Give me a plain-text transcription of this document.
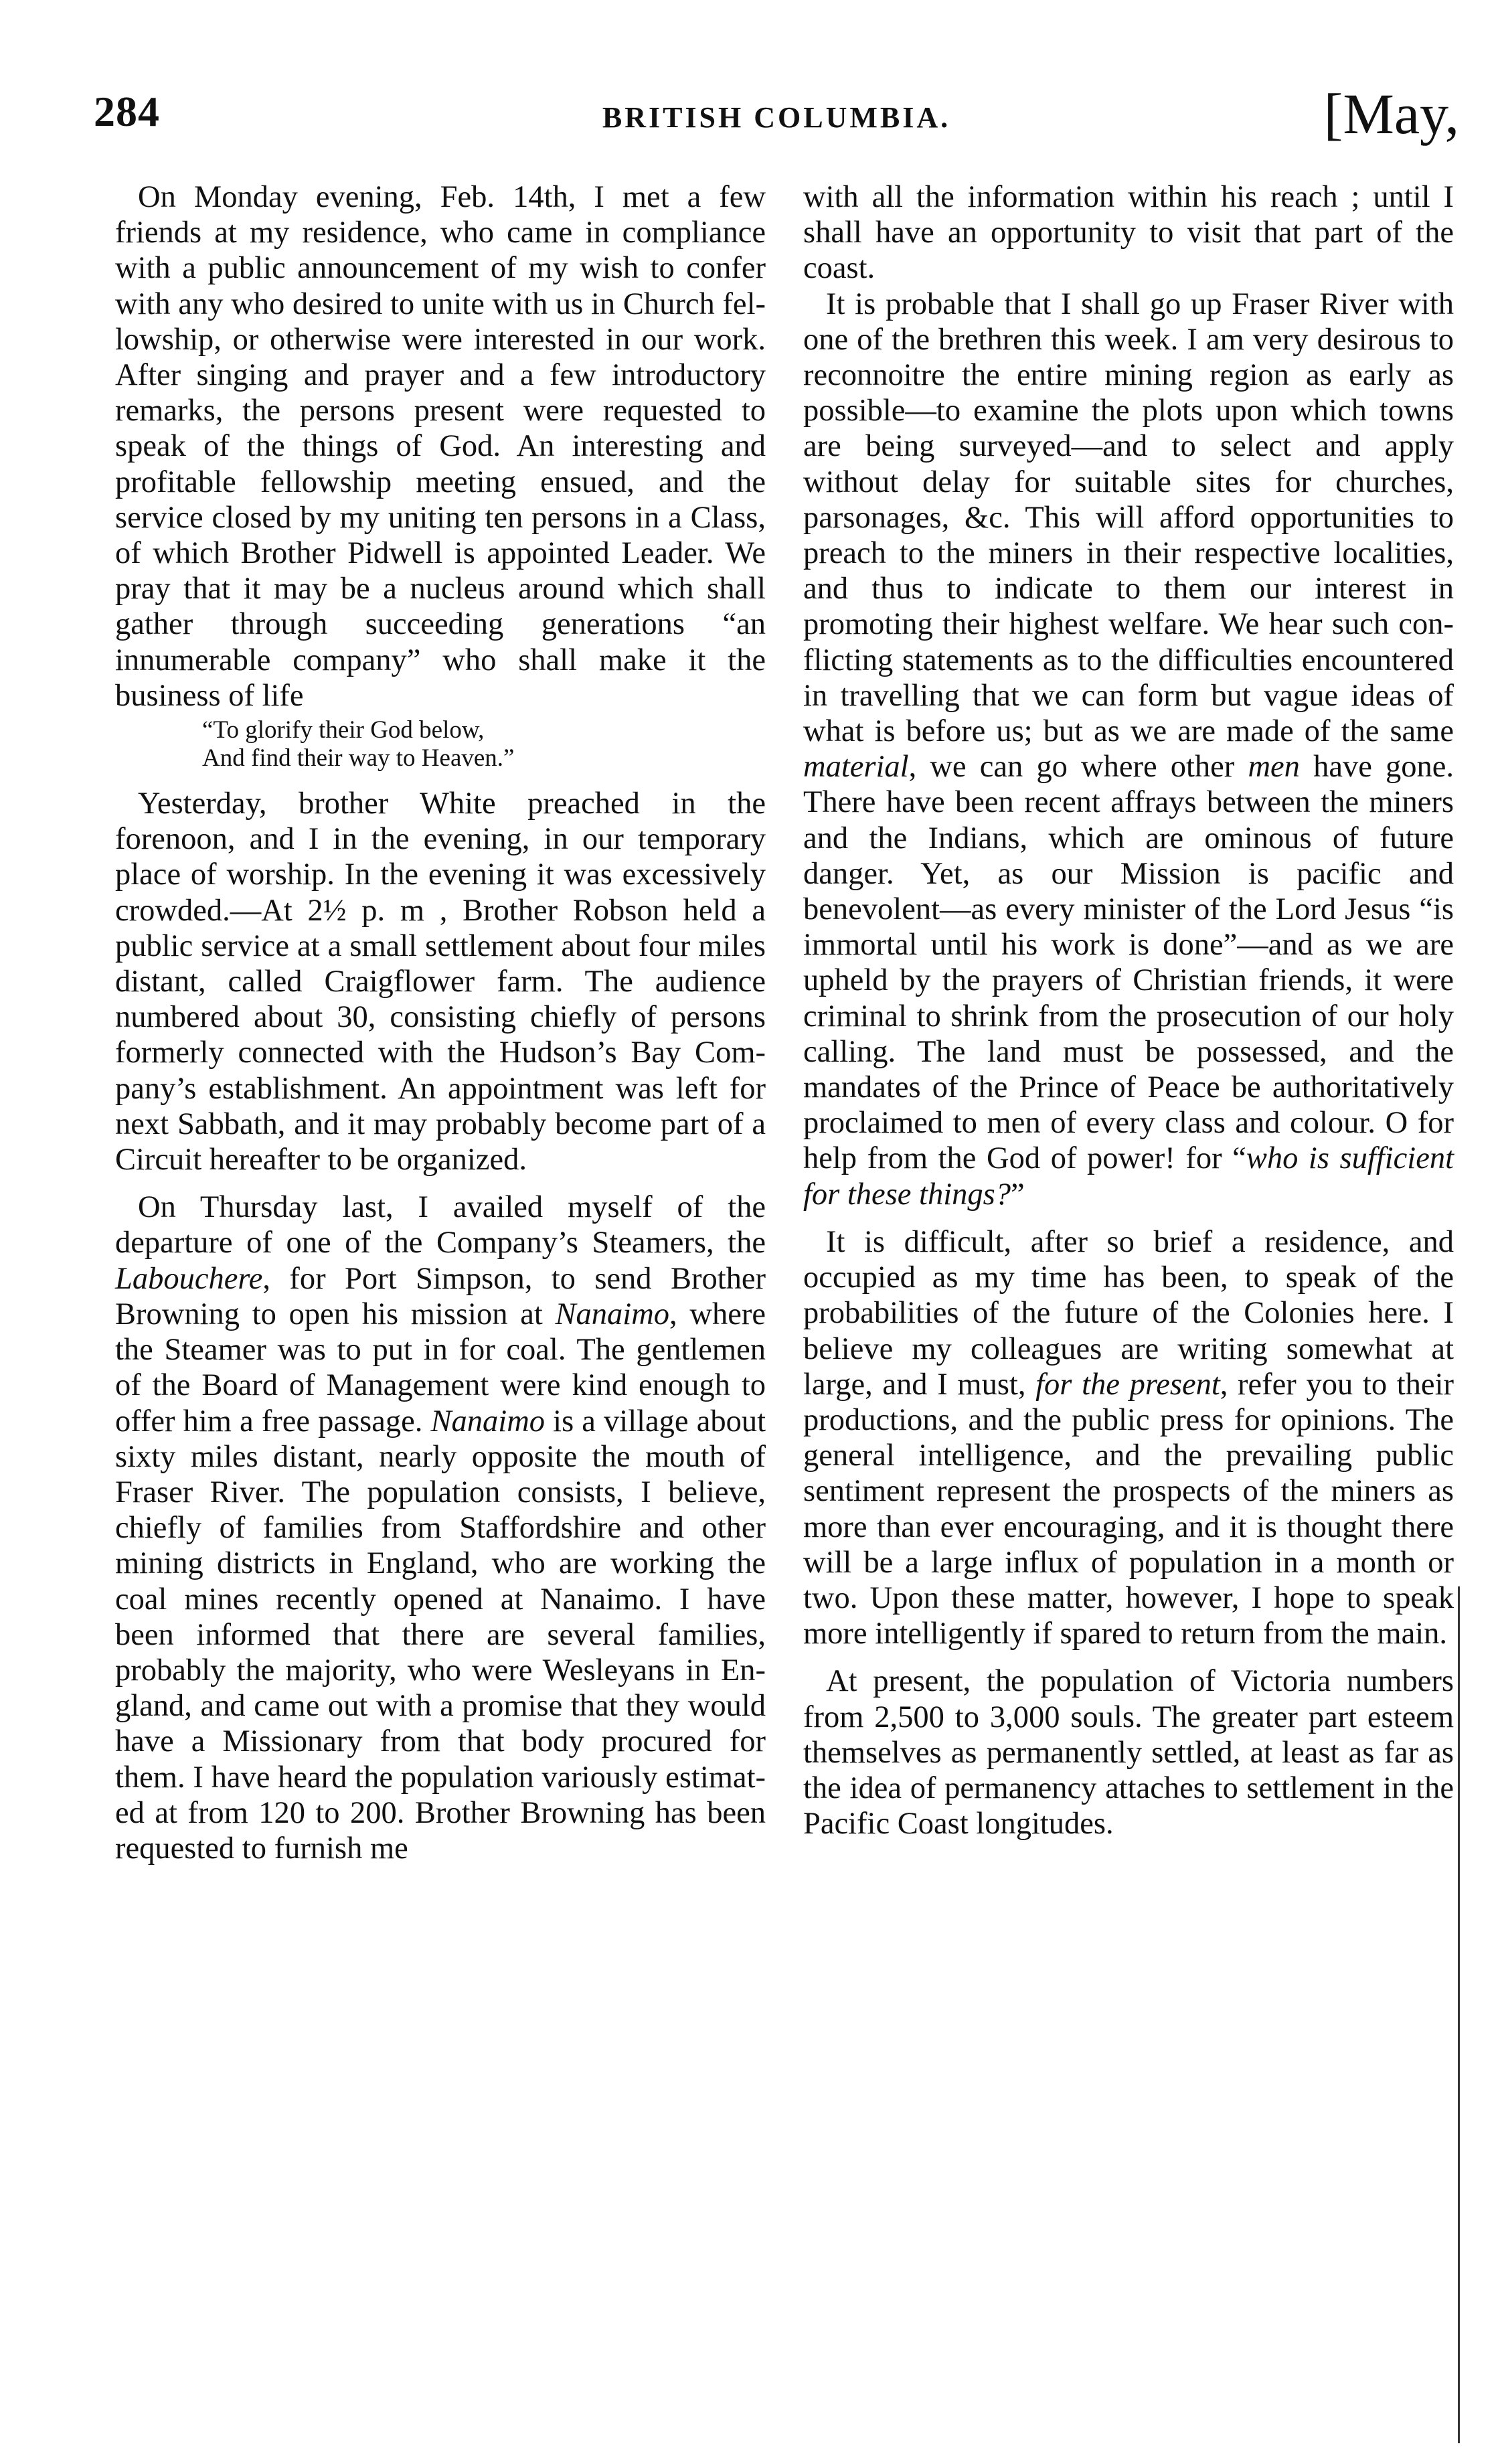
284	BRITISH COLUMBIA.	[May,

On Monday evening, Feb. 14th, I met a few friends at my residence, who came in compliance with a public announcement of my wish to confer with any who desired to unite with us in Church fellowship, or otherwise were interested in our work. After singing and prayer and a few introductory remarks, the persons present were requested to speak of the things of God. An interesting and profitable fellowship meeting ensued, and the service closed by my uniting ten persons in a Class, of which Brother Pidwell is appointed Leader. We pray that it may be a nucleus around which shall gather through succeeding generations “an innumerable company” who shall make it the business of life

“To glorify their God below,
And find their way to Heaven.”

Yesterday, brother White preached in the forenoon, and I in the evening, in our temporary place of worship. In the evening it was excessively crowded.—At 2½ p. m , Brother Robson held a public service at a small settlement about four miles distant, called Craigflower farm. The audience numbered about 30, consisting chiefly of persons formerly connected with the Hudson’s Bay Company’s establishment. An appointment was left for next Sabbath, and it may probably become part of a Circuit hereafter to be organized.

On Thursday last, I availed myself of the departure of one of the Company’s Steamers, the Labouchere, for Port Simpson, to send Brother Browning to open his mission at Nanaimo, where the Steamer was to put in for coal. The gentlemen of the Board of Management were kind enough to offer him a free passage. Nanaimo is a village about sixty miles distant, nearly opposite the mouth of Fraser River. The population consists, I believe, chiefly of families from Staffordshire and other mining districts in England, who are working the coal mines recently opened at Nanaimo. I have been informed that there are several families, probably the majority, who were Wesleyans in England, and came out with a promise that they would have a Missionary from that body procured for them. I have heard the population variously estimated at from 120 to 200. Brother Browning has been requested to furnish me

with all the information within his reach ; until I shall have an opportunity to visit that part of the coast.

It is probable that I shall go up Fraser River with one of the brethren this week. I am very desirous to reconnoitre the entire mining region as early as possible—to examine the plots upon which towns are being surveyed—and to select and apply without delay for suitable sites for churches, parsonages, &c. This will afford opportunities to preach to the miners in their respective localities, and thus to indicate to them our interest in promoting their highest welfare. We hear such conflicting statements as to the difficulties encountered in travelling that we can form but vague ideas of what is before us; but as we are made of the same material, we can go where other men have gone. There have been recent affrays between the miners and the Indians, which are ominous of future danger. Yet, as our Mission is pacific and benevolent—as every minister of the Lord Jesus “is immortal until his work is done”—and as we are upheld by the prayers of Christian friends, it were criminal to shrink from the prosecution of our holy calling. The land must be possessed, and the mandates of the Prince of Peace be authoritatively proclaimed to men of every class and colour. O for help from the God of power! for “who is sufficient for these things?”

It is difficult, after so brief a residence, and occupied as my time has been, to speak of the probabilities of the future of the Colonies here. I believe my colleagues are writing somewhat at large, and I must, for the present, refer you to their productions, and the public press for opinions. The general intelligence, and the prevailing public sentiment represent the prospects of the miners as more than ever encouraging, and it is thought there will be a large influx of population in a month or two. Upon these matter, however, I hope to speak more intelligently if spared to return from the main.

At present, the population of Victoria numbers from 2,500 to 3,000 souls. The greater part esteem themselves as permanently settled, at least as far as the idea of permanency attaches to settlement in the Pacific Coast longitudes.
